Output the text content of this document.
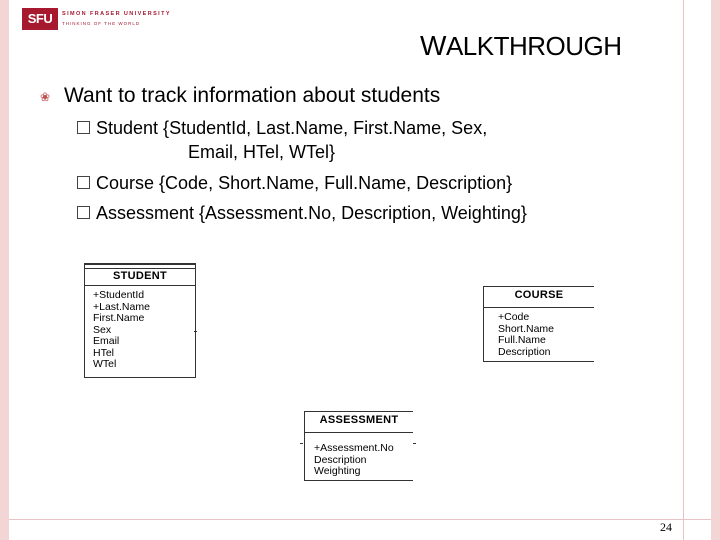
SFU	SIMON FRASER UNIVERSITY
THINKING OF THE WORLD
WALKTHROUGH
❀ Want to track information about students
Student {StudentId, Last.Name, First.Name, Sex,
Email, HTel, WTel}
Course {Code, Short.Name, Full.Name, Description}
Assessment {Assessment.No, Description, Weighting}
STUDENT
+StudentId
+Last.Name
First.Name
Sex
Email
HTel
WTel
COURSE
+Code
Short.Name
Full.Name
Description
ASSESSMENT
+Assessment.No
Description
Weighting
24
